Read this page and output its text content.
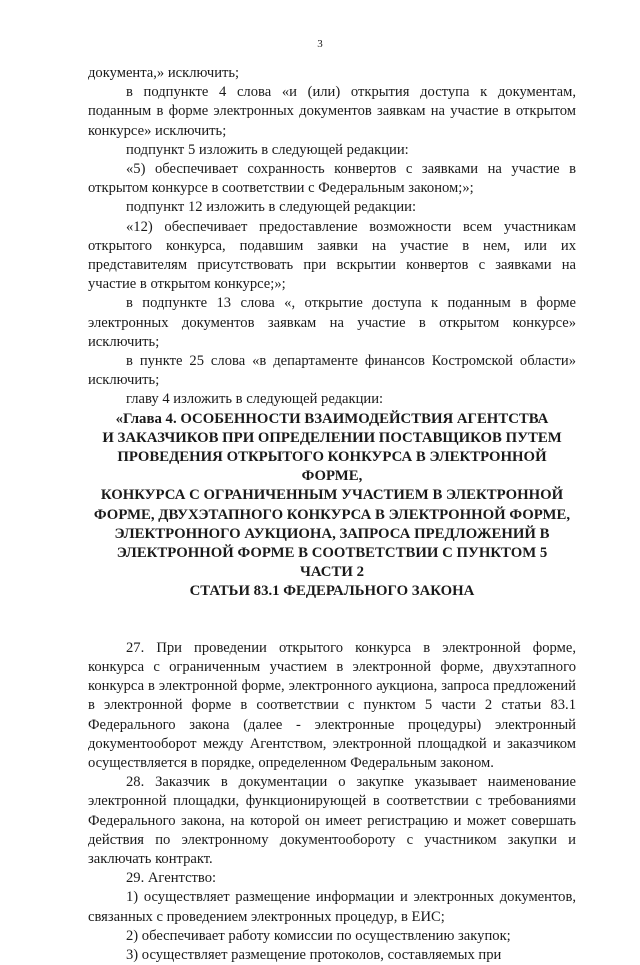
3

документа,» исключить;

в подпункте 4 слова «и (или) открытия доступа к документам, поданным в форме электронных документов заявкам на участие в открытом конкурсе» исключить;

подпункт 5 изложить в следующей редакции:

«5) обеспечивает сохранность конвертов с заявками на участие в открытом конкурсе в соответствии с Федеральным законом;»;

подпункт 12 изложить в следующей редакции:

«12) обеспечивает предоставление возможности всем участникам открытого конкурса, подавшим заявки на участие в нем, или их представителям присутствовать при вскрытии конвертов с заявками на участие в открытом конкурсе;»;

в подпункте 13 слова «, открытие доступа к поданным в форме электронных документов заявкам на участие в открытом конкурсе» исключить;

в пункте 25 слова «в департаменте финансов Костромской области» исключить;

главу 4 изложить в следующей редакции:

«Глава 4. ОСОБЕННОСТИ ВЗАИМОДЕЙСТВИЯ АГЕНТСТВА
И ЗАКАЗЧИКОВ ПРИ ОПРЕДЕЛЕНИИ ПОСТАВЩИКОВ ПУТЕМ
ПРОВЕДЕНИЯ ОТКРЫТОГО КОНКУРСА В ЭЛЕКТРОННОЙ ФОРМЕ,
КОНКУРСА С ОГРАНИЧЕННЫМ УЧАСТИЕМ В ЭЛЕКТРОННОЙ
ФОРМЕ, ДВУХЭТАПНОГО КОНКУРСА В ЭЛЕКТРОННОЙ ФОРМЕ,
ЭЛЕКТРОННОГО АУКЦИОНА, ЗАПРОСА ПРЕДЛОЖЕНИЙ В
ЭЛЕКТРОННОЙ ФОРМЕ В СООТВЕТСТВИИ С ПУНКТОМ 5 ЧАСТИ 2
СТАТЬИ 83.1 ФЕДЕРАЛЬНОГО ЗАКОНА

27. При проведении открытого конкурса в электронной форме, конкурса с ограниченным участием в электронной форме, двухэтапного конкурса в электронной форме, электронного аукциона, запроса предложений в электронной форме в соответствии с пунктом 5 части 2 статьи 83.1 Федерального закона (далее - электронные процедуры) электронный документооборот между Агентством, электронной площадкой и заказчиком осуществляется в порядке, определенном Федеральным законом.

28. Заказчик в документации о закупке указывает наименование электронной площадки, функционирующей в соответствии с требованиями Федерального закона, на которой он имеет регистрацию и может совершать действия по электронному документообороту с участником закупки и заключать контракт.

29. Агентство:

1) осуществляет размещение информации и электронных документов, связанных с проведением электронных процедур, в ЕИС;

2) обеспечивает работу комиссии по осуществлению закупок;

3) осуществляет размещение протоколов, составляемых при
